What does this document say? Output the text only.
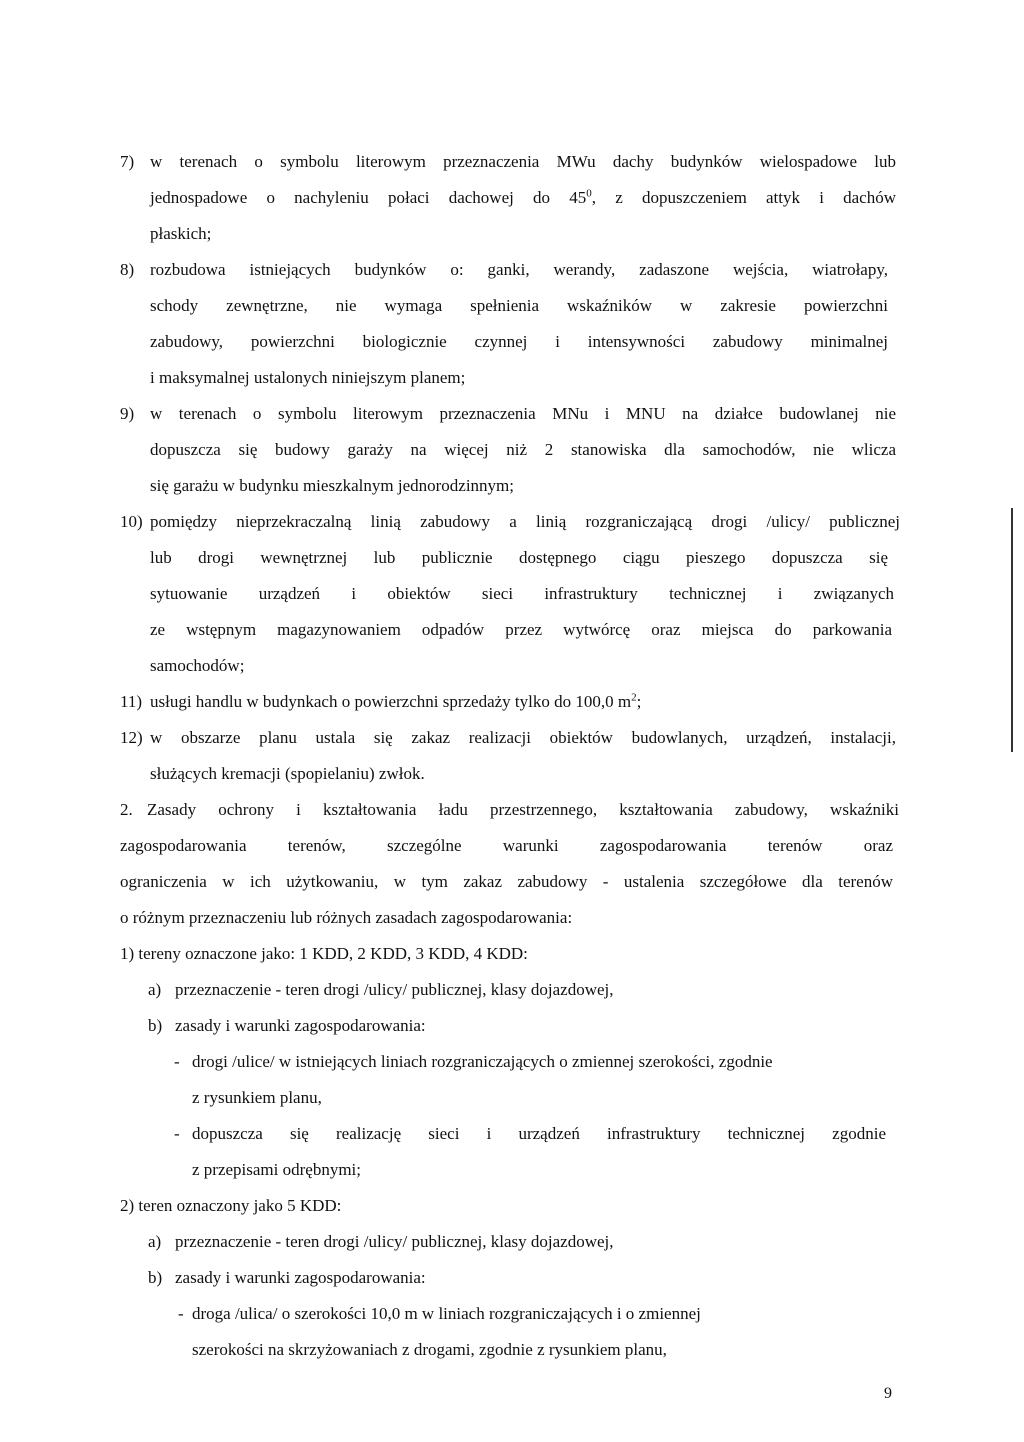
7) w terenach o symbolu literowym przeznaczenia MWu dachy budynków wielospadowe lub
jednospadowe o nachyleniu połaci dachowej do $45^0$, z dopuszczeniem attyk i dachów
płaskich;
8) rozbudowa istniejących budynków o: ganki, werandy, zadaszone wejścia, wiatrołapy,
schody zewnętrzne, nie wymaga spełnienia wskaźników w zakresie powierzchni
zabudowy, powierzchni biologicznie czynnej i intensywności zabudowy minimalnej
i maksymalnej ustalonych niniejszym planem;
9) w terenach o symbolu literowym przeznaczenia MNu i MNU na działce budowlanej nie
dopuszcza się budowy garaży na więcej niż 2 stanowiska dla samochodów, nie wlicza
się garażu w budynku mieszkalnym jednorodzinnym;
10) pomiędzy nieprzekraczalną linią zabudowy a linią rozgraniczającą drogi /ulicy/ publicznej
lub drogi wewnętrznej lub publicznie dostępnego ciągu pieszego dopuszcza się
sytuowanie urządzeń i obiektów sieci infrastruktury technicznej i związanych
ze wstępnym magazynowaniem odpadów przez wytwórcę oraz miejsca do parkowania
samochodów;
11) usługi handlu w budynkach o powierzchni sprzedaży tylko do 100,0 $m^2$;
12) w obszarze planu ustala się zakaz realizacji obiektów budowlanych, urządzeń, instalacji,
służących kremacji (spopielaniu) zwłok.
2. Zasady ochrony i kształtowania ładu przestrzennego, kształtowania zabudowy, wskaźniki
zagospodarowania terenów, szczególne warunki zagospodarowania terenów oraz
ograniczenia w ich użytkowaniu, w tym zakaz zabudowy - ustalenia szczegółowe dla terenów
o różnym przeznaczeniu lub różnych zasadach zagospodarowania:
1) tereny oznaczone jako: 1 KDD, 2 KDD, 3 KDD, 4 KDD:
a) przeznaczenie - teren drogi /ulicy/ publicznej, klasy dojazdowej,
b) zasady i warunki zagospodarowania:
- drogi /ulice/ w istniejących liniach rozgraniczających o zmiennej szerokości, zgodnie
z rysunkiem planu,
- dopuszcza się realizację sieci i urządzeń infrastruktury technicznej zgodnie
z przepisami odrębnymi;
2) teren oznaczony jako 5 KDD:
a) przeznaczenie - teren drogi /ulicy/ publicznej, klasy dojazdowej,
b) zasady i warunki zagospodarowania:
- droga /ulica/ o szerokości 10,0 m w liniach rozgraniczających i o zmiennej
szerokości na skrzyżowaniach z drogami, zgodnie z rysunkiem planu,
9
